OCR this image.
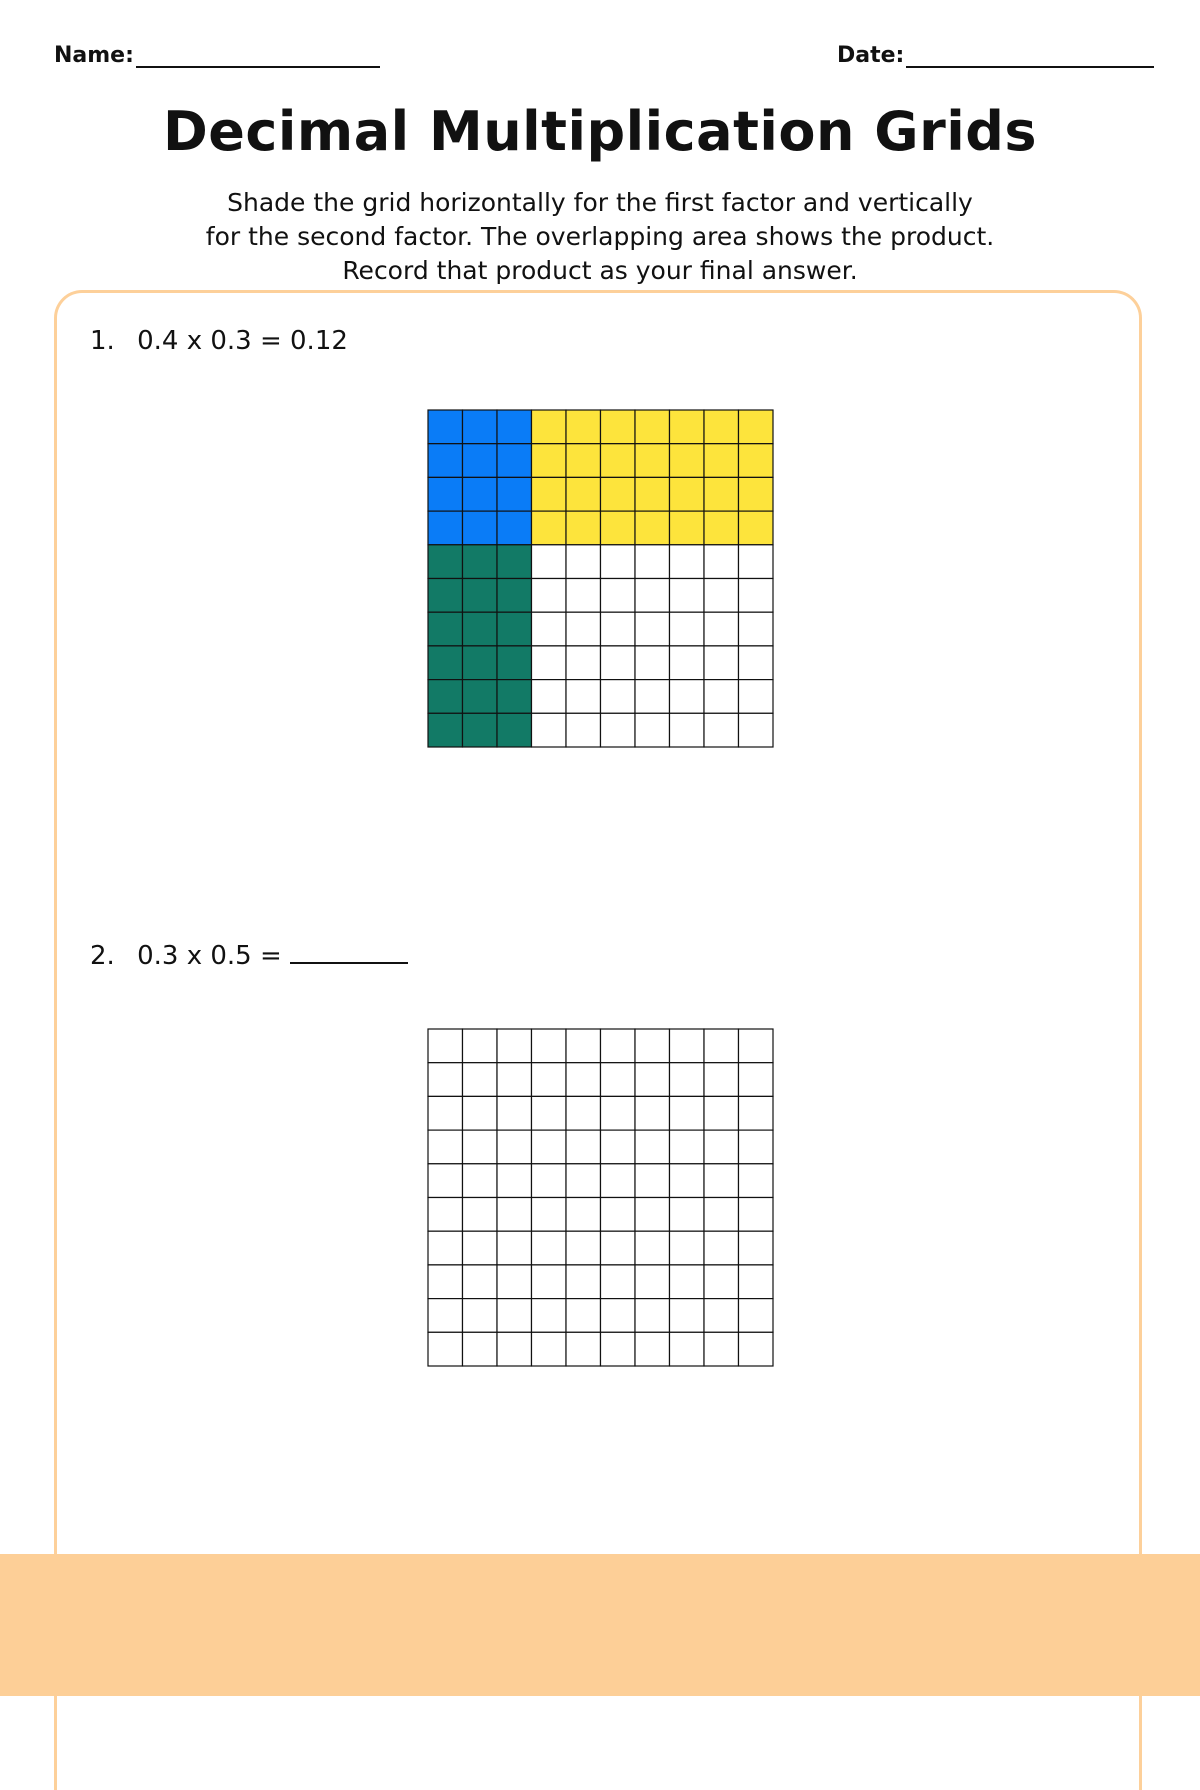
Name:	Date:
Decimal Multiplication Grids
Shade the grid horizontally for the first factor and vertically
for the second factor. The overlapping area shows the product.
Record that product as your final answer.
1. 0.4 x 0.3 = 0.12
2. 0.3 x 0.5 =
